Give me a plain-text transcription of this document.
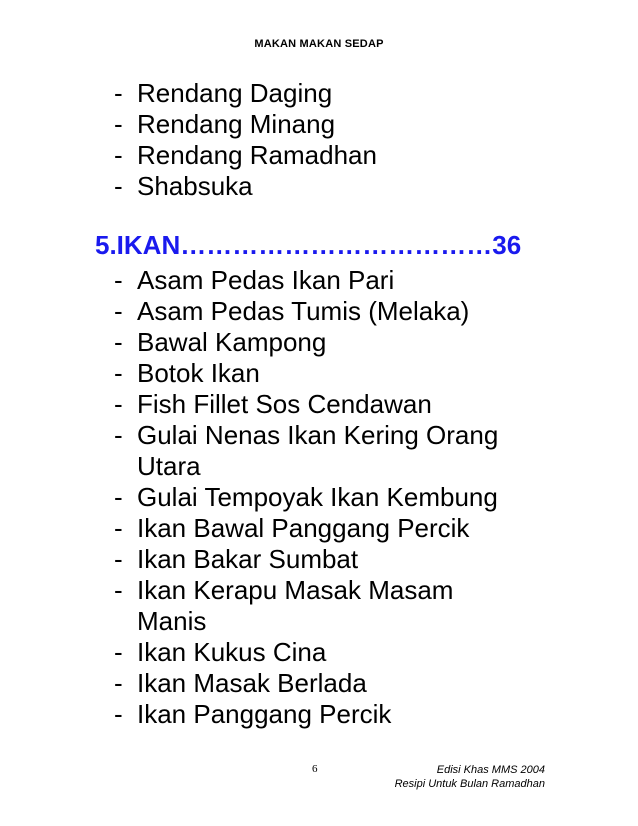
MAKAN MAKAN SEDAP
- Rendang Daging
- Rendang Minang
- Rendang Ramadhan
- Shabsuka
5.IKAN………………………………36
- Asam Pedas Ikan Pari
- Asam Pedas Tumis (Melaka)
- Bawal Kampong
- Botok Ikan
- Fish Fillet Sos Cendawan
- Gulai Nenas Ikan Kering Orang
Utara
- Gulai Tempoyak Ikan Kembung
- Ikan Bawal Panggang Percik
- Ikan Bakar Sumbat
- Ikan Kerapu Masak Masam
Manis
- Ikan Kukus Cina
- Ikan Masak Berlada
- Ikan Panggang Percik
6	Edisi Khas MMS 2004
Resipi Untuk Bulan Ramadhan
